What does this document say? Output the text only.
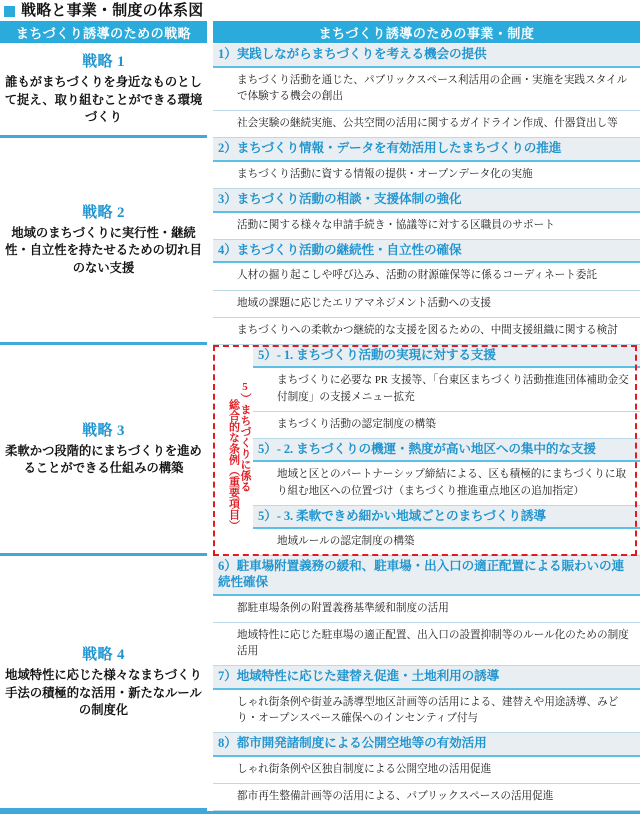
戦略と事業・制度の体系図
まちづくり誘導のための戦略	まちづくり誘導のための事業・制度
戦略 1
誰もがまちづくりを身近なものとして捉え、取り組むことができる環境づくり
1）実践しながらまちづくりを考える機会の提供
まちづくり活動を通じた、パブリックスペース利活用の企画・実施を実践スタイルで体験する機会の創出
社会実験の継続実施、公共空間の活用に関するガイドライン作成、什器貸出し等
戦略 2
地域のまちづくりに実行性・継続性・自立性を持たせるための切れ目のない支援
2）まちづくり情報・データを有効活用したまちづくりの推進
まちづくり活動に資する情報の提供・オープンデータ化の実施
3）まちづくり活動の相談・支援体制の強化
活動に関する様々な申請手続き・協議等に対する区職員のサポート
4）まちづくり活動の継続性・自立性の確保
人材の掘り起こしや呼び込み、活動の財源確保等に係るコーディネート委託
地域の課題に応じたエリアマネジメント活動への支援
まちづくりへの柔軟かつ継続的な支援を図るための、中間支援組織に関する検討
戦略 3
柔軟かつ段階的にまちづくりを進めることができる仕組みの構築
5）- 1. まちづくり活動の実現に対する支援
まちづくりに必要な PR 支援等、「台東区まちづくり活動推進団体補助金交付制度」の支援メニュー拡充
まちづくり活動の認定制度の構築
5）- 2. まちづくりの機運・熱度が高い地区への集中的な支援
地域と区とのパートナーシップ締結による、区も積極的にまちづくりに取り組む地区への位置づけ（まちづくり推進重点地区の追加指定）
5）- 3. 柔軟できめ細かい地域ごとのまちづくり誘導
地域ルールの認定制度の構築
戦略 4
地域特性に応じた様々なまちづくり手法の積極的な活用・新たなルールの制度化
6）駐車場附置義務の緩和、駐車場・出入口の適正配置による賑わいの連続性確保
都駐車場条例の附置義務基準緩和制度の活用
地域特性に応じた駐車場の適正配置、出入口の設置抑制等のルール化のための制度活用
7）地域特性に応じた建替え促進・土地利用の誘導
しゃれ街条例や街並み誘導型地区計画等の活用による、建替えや用途誘導、みどり・オープンスペース確保へのインセンティブ付与
8）都市開発諸制度による公開空地等の有効活用
しゃれ街条例や区独自制度による公開空地の活用促進
都市再生整備計画等の活用による、パブリックスペースの活用促進
5）まちづくりに係る
総合的な条例（重要項目）
